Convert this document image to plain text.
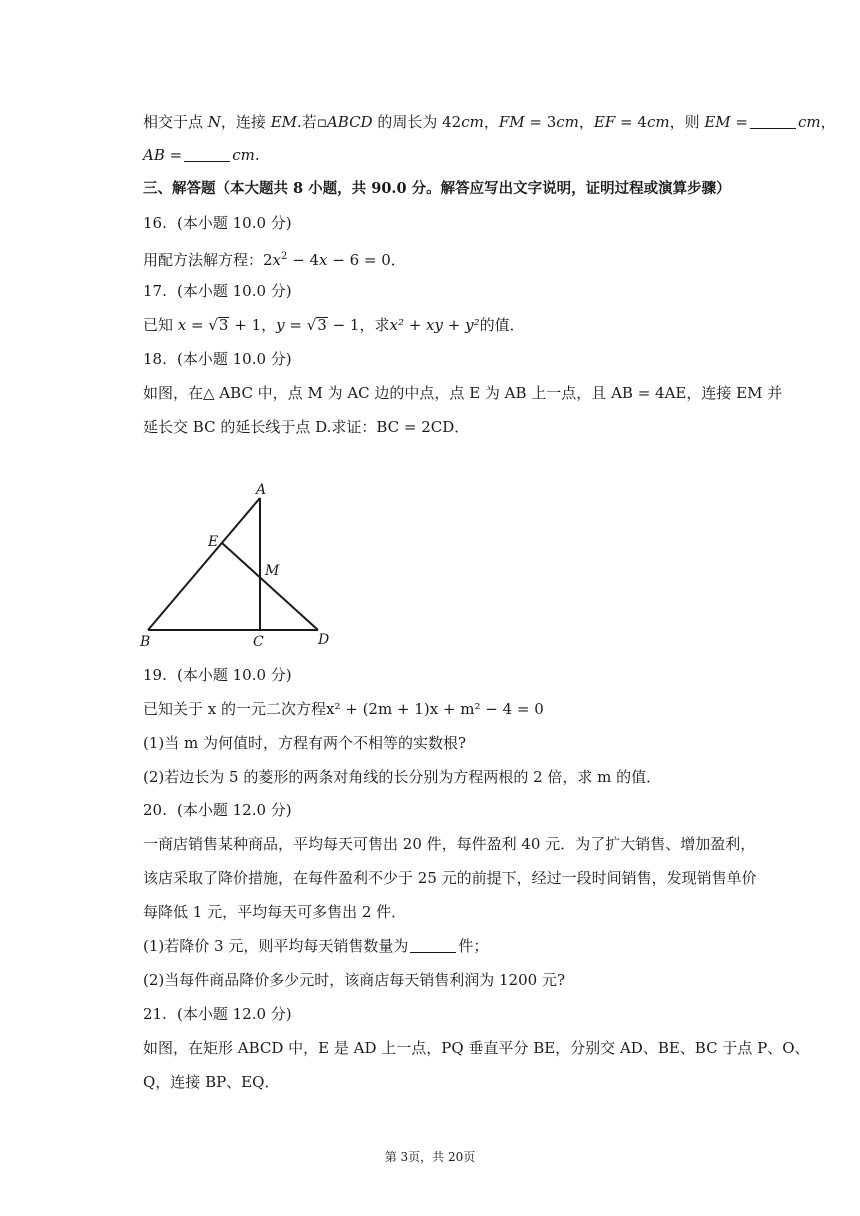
相交于点 N，连接 EM.若▫ABCD 的周长为 42cm，FM = 3cm，EF = 4cm，则 EM =	cm，
AB =	cm.
三、解答题（本大题共 8 小题，共 90.0 分。解答应写出文字说明，证明过程或演算步骤）
16. (本小题 10.0 分)
用配方法解方程：$2x^2 - 4x - 6 = 0$．
17. (本小题 10.0 分)
已知 x = √3 + 1，y = √3 − 1，求x² + xy + y²的值．
18. (本小题 10.0 分)
如图，在△ ABC 中，点 M 为 AC 边的中点，点 E 为 AB 上一点，且 AB = 4AE，连接 EM 并
延长交 BC 的延长线于点 D.求证：BC = 2CD．
A
E
M
B	C	D
19. (本小题 10.0 分)
已知关于 x 的一元二次方程x² + (2m + 1)x + m² − 4 = 0
(1)当 m 为何值时，方程有两个不相等的实数根?
(2)若边长为 5 的菱形的两条对角线的长分别为方程两根的 2 倍，求 m 的值．
20. (本小题 12.0 分)
一商店销售某种商品，平均每天可售出 20 件，每件盈利 40 元．为了扩大销售、增加盈利，
该店采取了降价措施，在每件盈利不少于 25 元的前提下，经过一段时间销售，发现销售单价
每降低 1 元，平均每天可多售出 2 件．
(1)若降价 3 元，则平均每天销售数量为	件；
(2)当每件商品降价多少元时，该商店每天销售利润为 1200 元?
21. (本小题 12.0 分)
如图，在矩形 ABCD 中，E 是 AD 上一点，PQ 垂直平分 BE，分别交 AD、BE、BC 于点 P、O、
Q，连接 BP、EQ．
第 3页，共 20页
